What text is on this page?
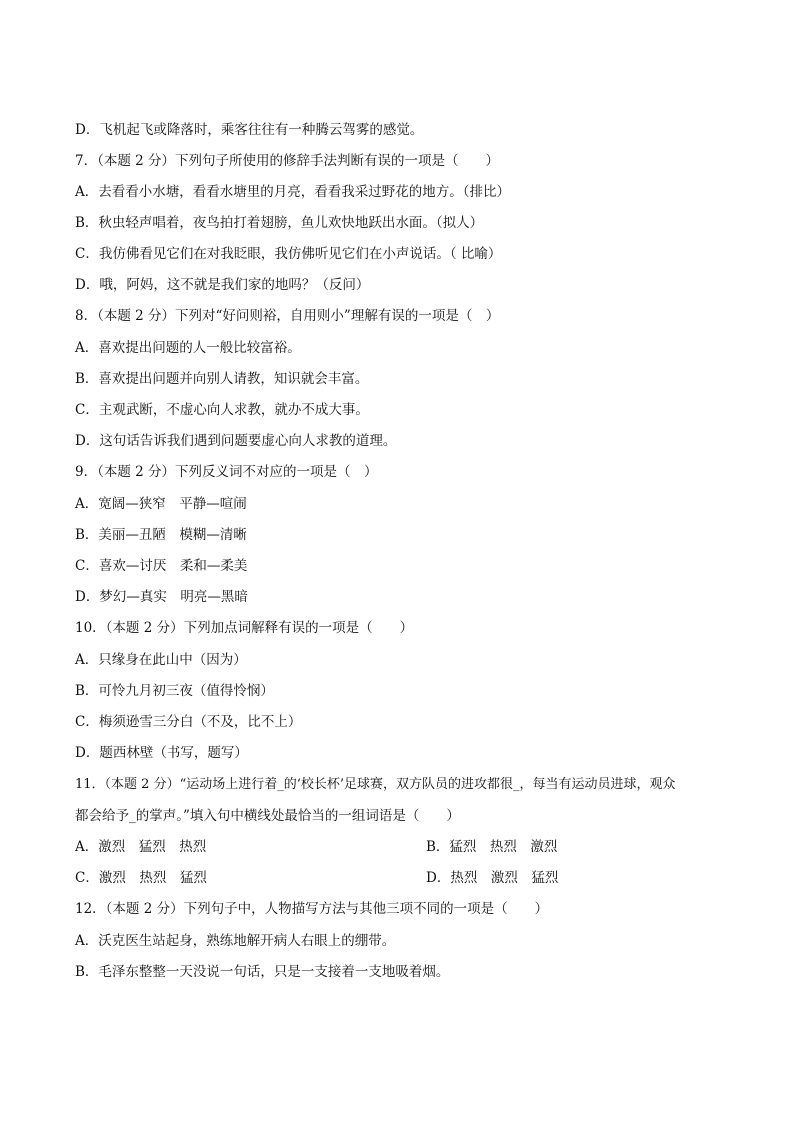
D．飞机起飞或降落时，乘客往往有一种腾云驾雾的感觉。
7．（本题 2 分）下列句子所使用的修辞手法判断有误的一项是（　　）
A．去看看小水塘，看看水塘里的月亮，看看我采过野花的地方。（排比）
B．秋虫轻声唱着，夜鸟拍打着翅膀，鱼儿欢快地跃出水面。（拟人）
C．我仿佛看见它们在对我眨眼，我仿佛听见它们在小声说话。（ 比喻）
D．哦，阿妈，这不就是我们家的地吗？（反问）
8．（本题 2 分）下列对“好问则裕，自用则小”理解有误的一项是（　）
A．喜欢提出问题的人一般比较富裕。
B．喜欢提出问题并向别人请教，知识就会丰富。
C．主观武断，不虚心向人求教，就办不成大事。
D．这句话告诉我们遇到问题要虚心向人求教的道理。
9．（本题 2 分）下列反义词不对应的一项是（　）
A．宽阔—狭窄　平静—喧闹
B．美丽—丑陋　模糊—清晰
C．喜欢—讨厌　柔和—柔美
D．梦幻—真实　明亮—黑暗
10．（本题 2 分）下列加点词解释有误的一项是（　　）
A．只缘身在此山中（因为）
B．可怜九月初三夜（值得怜悯）
C．梅须逊雪三分白（不及，比不上）
D．题西林壁（书写，题写）
11．（本题 2 分）“运动场上进行着_的‘校长杯’足球赛，双方队员的进攻都很_，每当有运动员进球，观众
都会给予_的掌声。”填入句中横线处最恰当的一组词语是（　　）
A．激烈　猛烈　热烈	B．猛烈　热烈　激烈
C．激烈　热烈　猛烈	D．热烈　激烈　猛烈
12．（本题 2 分）下列句子中，人物描写方法与其他三项不同的一项是（　　）
A．沃克医生站起身，熟练地解开病人右眼上的绷带。
B．毛泽东整整一天没说一句话，只是一支接着一支地吸着烟。
